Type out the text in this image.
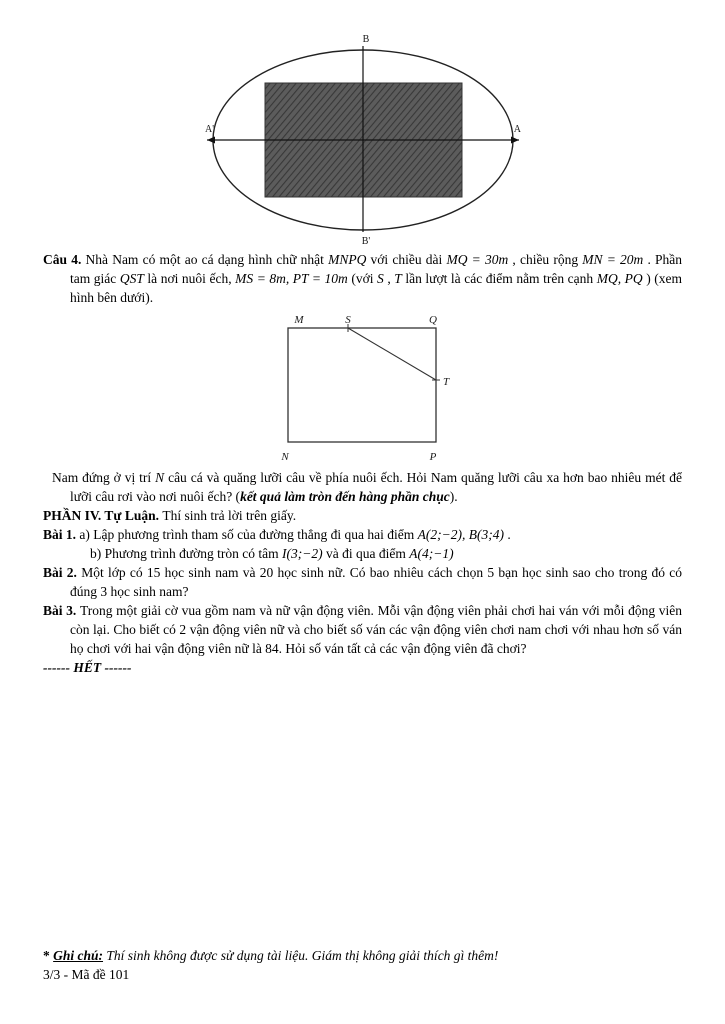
B
A'	A
B'

Câu 4. Nhà Nam có một ao cá dạng hình chữ nhật MNPQ với chiều dài MQ = 30m , chiều rộng MN = 20m . Phần tam giác QST là nơi nuôi ếch, MS = 8m, PT = 10m (với S , T lần lượt là các điểm nằm trên cạnh MQ, PQ ) (xem hình bên dưới).

M	S	Q
T
N	P

Nam đứng ở vị trí N câu cá và quăng lưỡi câu về phía nuôi ếch. Hỏi Nam quăng lưỡi câu xa hơn bao nhiêu mét để lưỡi câu rơi vào nơi nuôi ếch? (kết quả làm tròn đến hàng phần chục).

PHẦN IV. Tự Luận. Thí sinh trả lời trên giấy.

Bài 1. a) Lập phương trình tham số của đường thẳng đi qua hai điểm A(2;−2), B(3;4) .

b) Phương trình đường tròn có tâm I(3;−2) và đi qua điểm A(4;−1)

Bài 2. Một lớp có 15 học sinh nam và 20 học sinh nữ. Có bao nhiêu cách chọn 5 bạn học sinh sao cho trong đó có đúng 3 học sinh nam?

Bài 3. Trong một giải cờ vua gồm nam và nữ vận động viên. Mỗi vận động viên phải chơi hai ván với mỗi động viên còn lại. Cho biết có 2 vận động viên nữ và cho biết số ván các vận động viên chơi nam chơi với nhau hơn số ván họ chơi với hai vận động viên nữ là 84. Hỏi số ván tất cả các vận động viên đã chơi?

------ HẾT ------

* Ghi chú: Thí sinh không được sử dụng tài liệu. Giám thị không giải thích gì thêm!

3/3 - Mã đề 101
